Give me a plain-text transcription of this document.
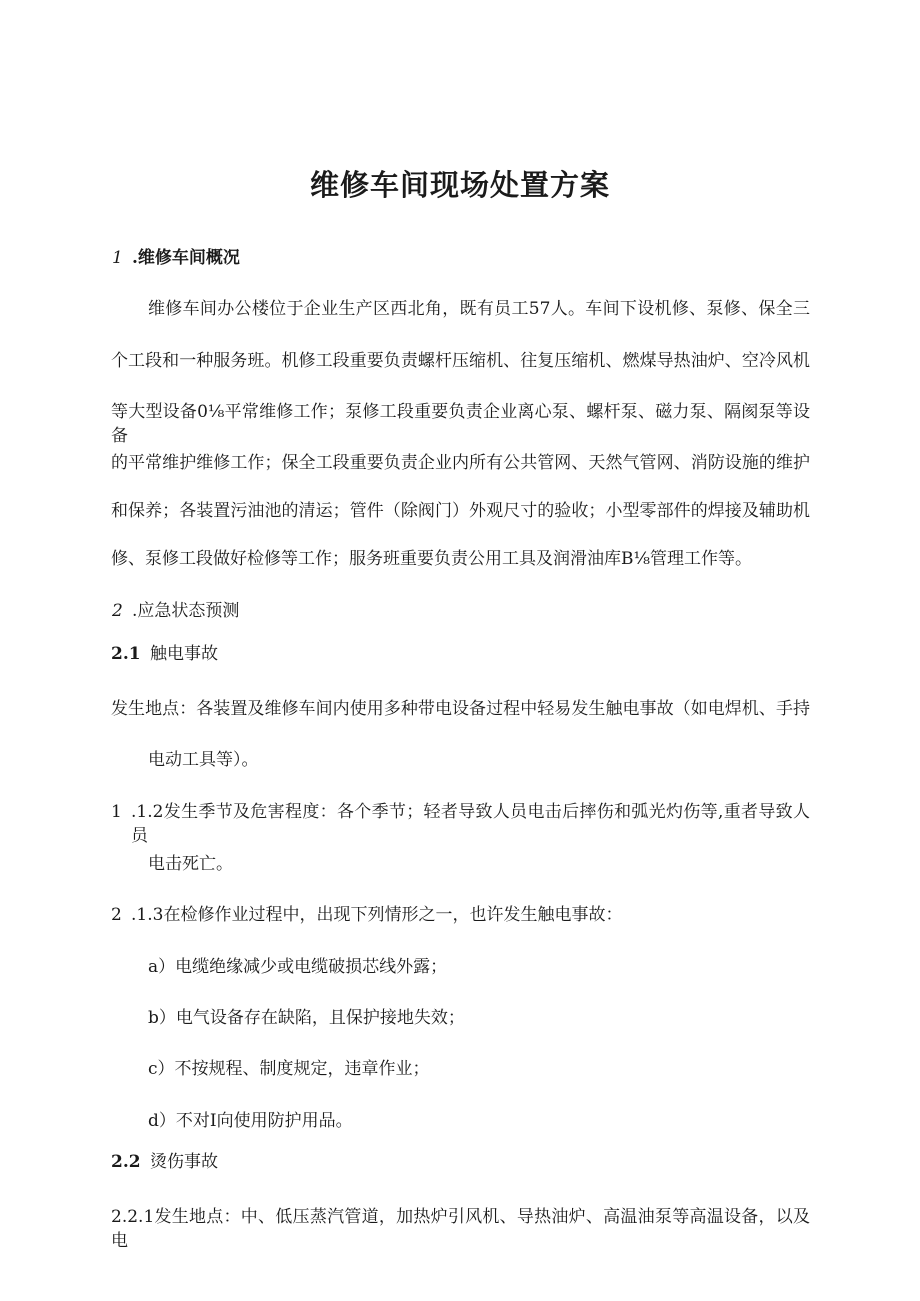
维修车间现场处置方案
1 .维修车间概况

维修车间办公楼位于企业生产区西北角，既有员工57人。车间下设机修、泵修、保全三

个工段和一种服务班。机修工段重要负责螺杆压缩机、往复压缩机、燃煤导热油炉、空冷风机

等大型设备0⅛平常维修工作；泵修工段重要负责企业离心泵、螺杆泵、磁力泵、隔阂泵等设备

的平常维护维修工作；保全工段重要负责企业内所有公共管网、天然气管网、消防设施的维护

和保养；各装置污油池的清运；管件（除阀门）外观尺寸的验收；小型零部件的焊接及辅助机

修、泵修工段做好检修等工作；服务班重要负责公用工具及润滑油库B⅛管理工作等。

2 .应急状态预测
2.1 触电事故

发生地点：各装置及维修车间内使用多种带电设备过程中轻易发生触电事故（如电焊机、手持

电动工具等）。

1 .1.2发生季节及危害程度：各个季节；轻者导致人员电击后摔伤和弧光灼伤等,重者导致人员

电击死亡。

2 .1.3在检修作业过程中，出现下列情形之一，也许发生触电事故：

a）电缆绝缘减少或电缆破损芯线外露；

b）电气设备存在缺陷，且保护接地失效；

c）不按规程、制度规定，违章作业；

d）不对I向使用防护用品。

2.2 烫伤事故

2.2.1发生地点：中、低压蒸汽管道，加热炉引风机、导热油炉、高温油泵等高温设备，以及电
